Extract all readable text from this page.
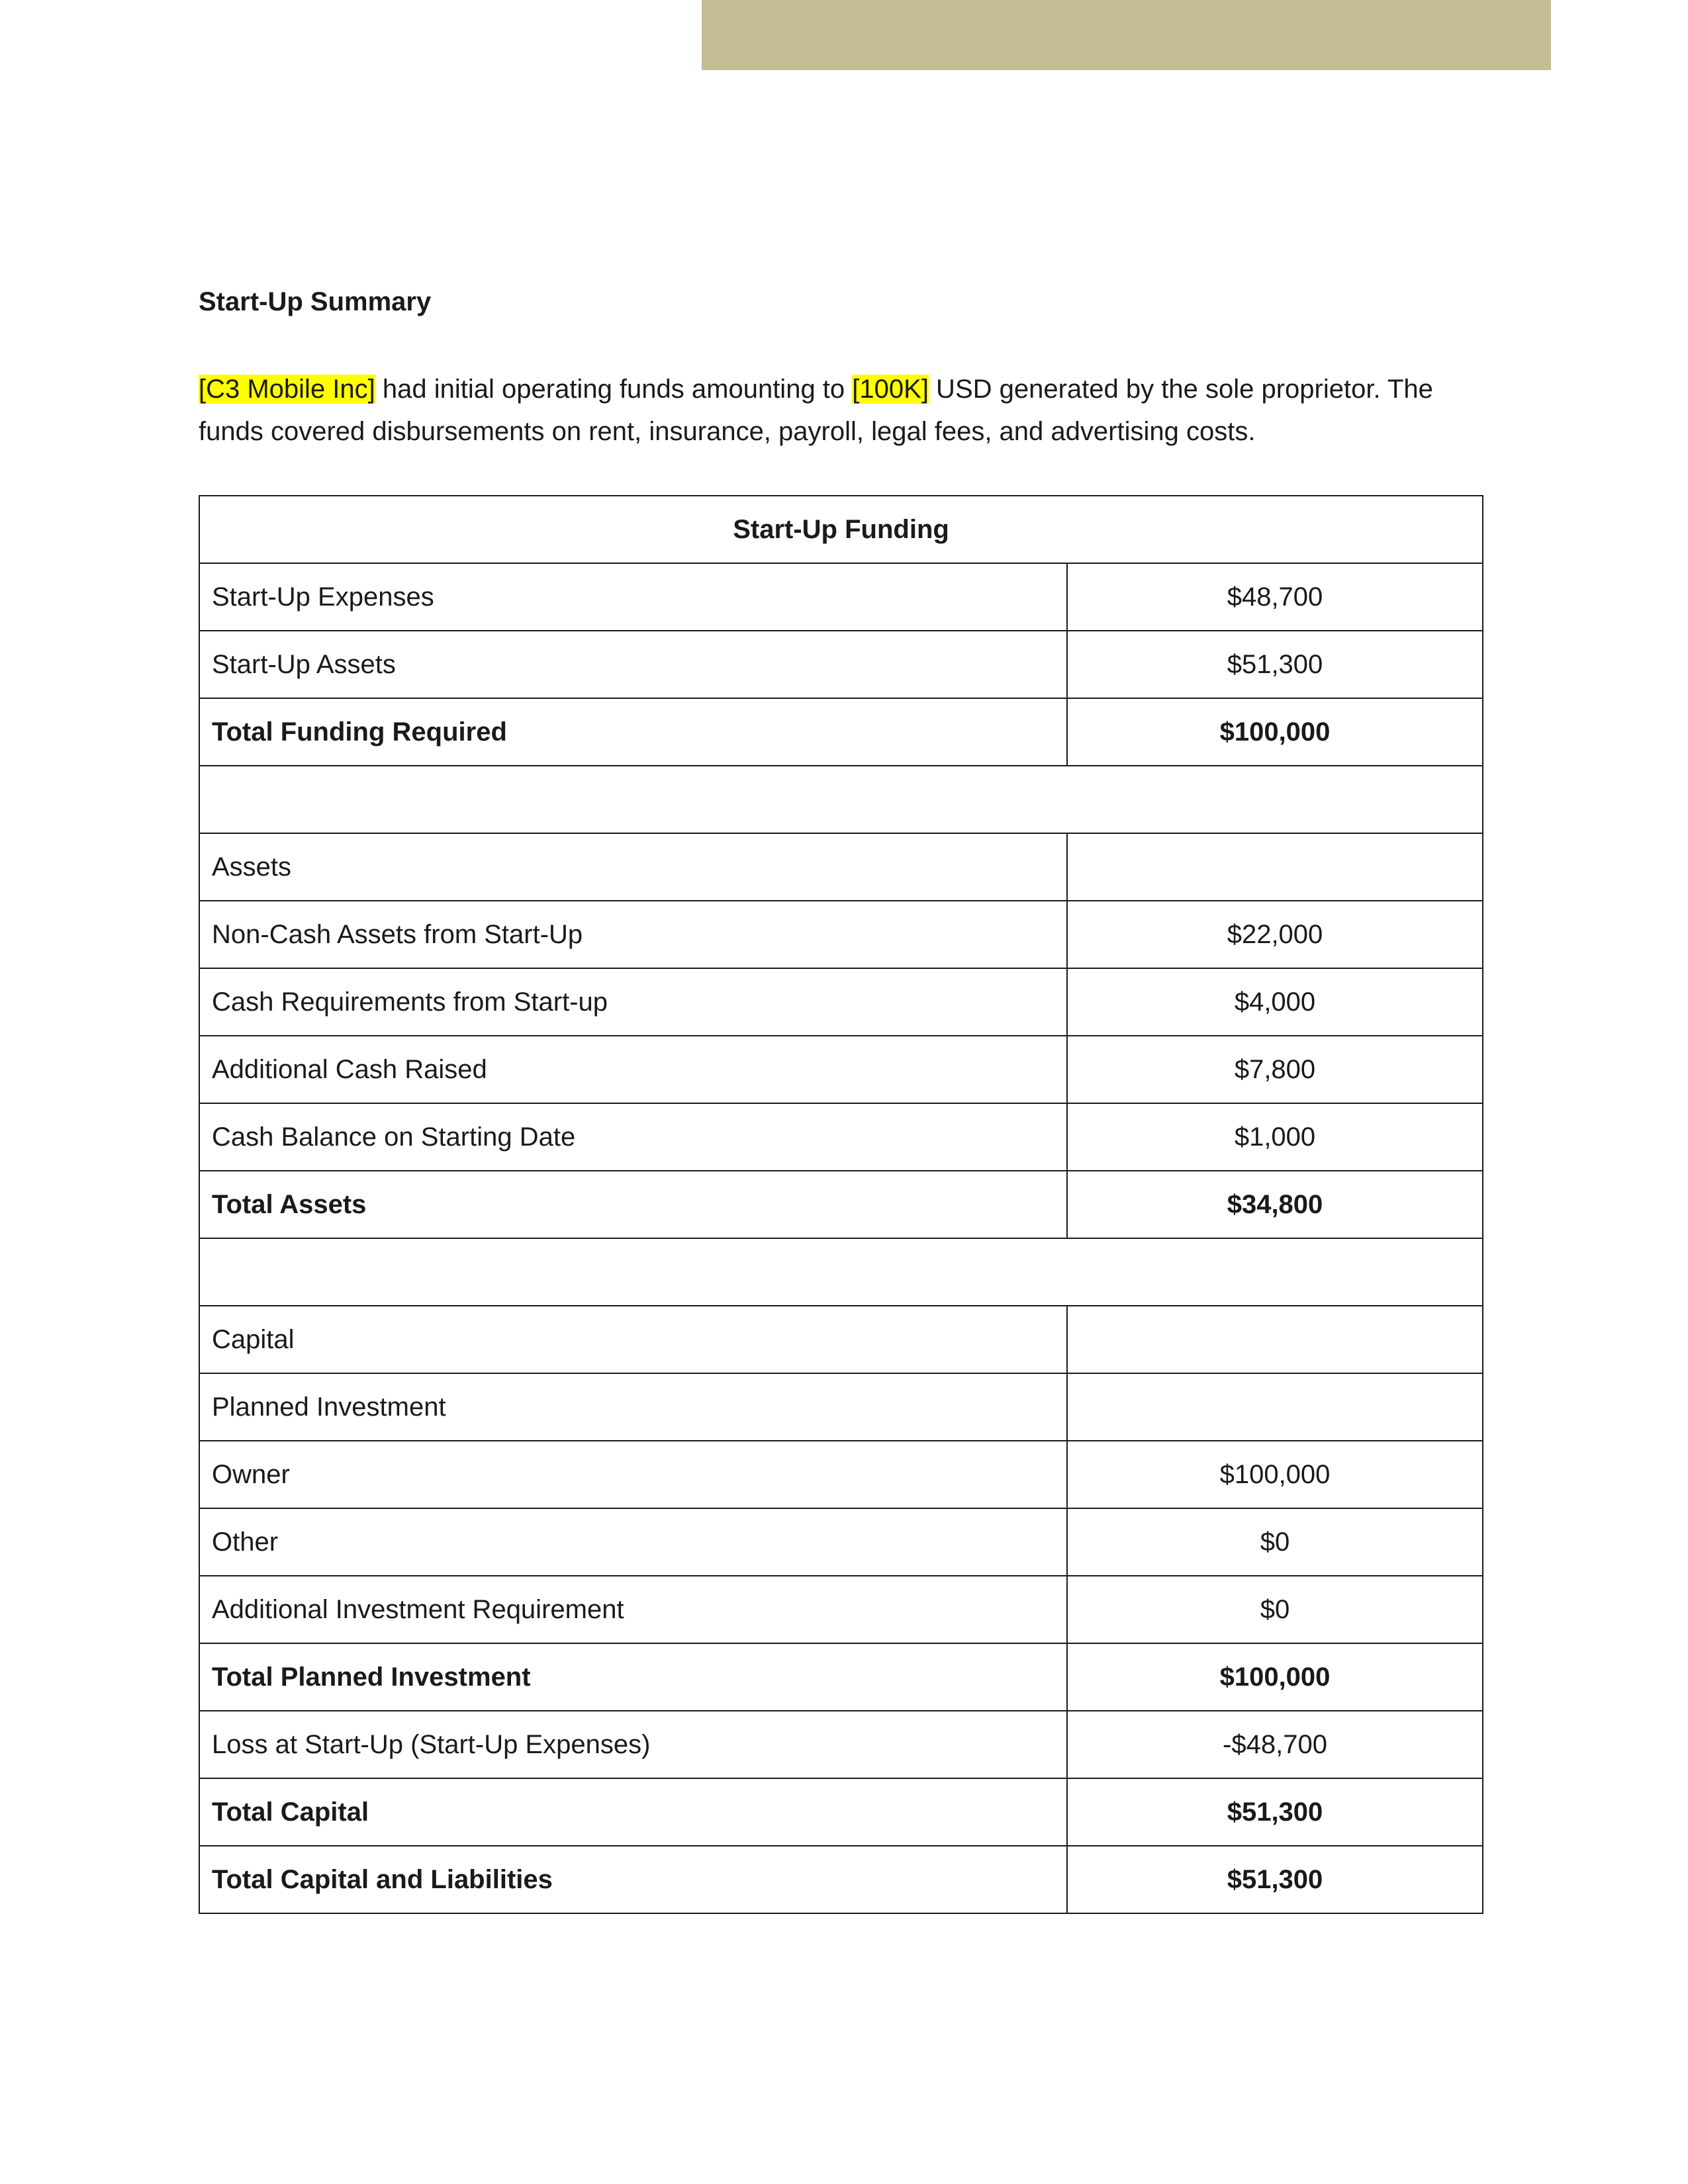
Start-Up Summary

[C3 Mobile Inc] had initial operating funds amounting to [100K] USD generated by the sole proprietor. The funds covered disbursements on rent, insurance, payroll, legal fees, and advertising costs.

Start-Up Funding	
Start-Up Expenses	$48,700
Start-Up Assets	$51,300
Total Funding Required	$100,000

Assets	
Non-Cash Assets from Start-Up	$22,000
Cash Requirements from Start-up	$4,000
Additional Cash Raised	$7,800
Cash Balance on Starting Date	$1,000
Total Assets	$34,800

Capital	
Planned Investment	
Owner	$100,000
Other	$0
Additional Investment Requirement	$0
Total Planned Investment	$100,000
Loss at Start-Up (Start-Up Expenses)	-$48,700
Total Capital	$51,300
Total Capital and Liabilities	$51,300
